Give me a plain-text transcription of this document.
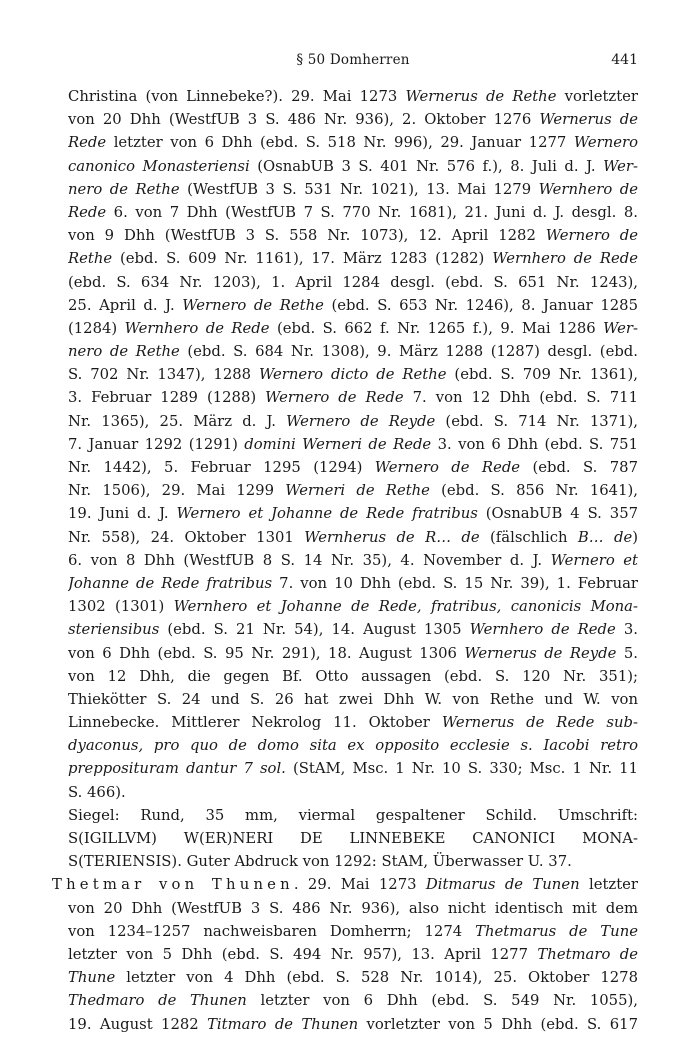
§ 50 Domherren	441
Christina (von Linnebeke?). 29. Mai 1273 Wernerus de Rethe vorletzter
von 20 Dhh (WestfUB 3 S. 486 Nr. 936), 2. Oktober 1276 Wernerus de
Rede letzter von 6 Dhh (ebd. S. 518 Nr. 996), 29. Januar 1277 Wernero
canonico Monasteriensi (OsnabUB 3 S. 401 Nr. 576 f.), 8. Juli d. J. Wer-
nero de Rethe (WestfUB 3 S. 531 Nr. 1021), 13. Mai 1279 Wernhero de
Rede 6. von 7 Dhh (WestfUB 7 S. 770 Nr. 1681), 21. Juni d. J. desgl. 8.
von 9 Dhh (WestfUB 3 S. 558 Nr. 1073), 12. April 1282 Wernero de
Rethe (ebd. S. 609 Nr. 1161), 17. März 1283 (1282) Wernhero de Rede
(ebd. S. 634 Nr. 1203), 1. April 1284 desgl. (ebd. S. 651 Nr. 1243),
25. April d. J. Wernero de Rethe (ebd. S. 653 Nr. 1246), 8. Januar 1285
(1284) Wernhero de Rede (ebd. S. 662 f. Nr. 1265 f.), 9. Mai 1286 Wer-
nero de Rethe (ebd. S. 684 Nr. 1308), 9. März 1288 (1287) desgl. (ebd.
S. 702 Nr. 1347), 1288 Wernero dicto de Rethe (ebd. S. 709 Nr. 1361),
3. Februar 1289 (1288) Wernero de Rede 7. von 12 Dhh (ebd. S. 711
Nr. 1365), 25. März d. J. Wernero de Reyde (ebd. S. 714 Nr. 1371),
7. Januar 1292 (1291) domini Werneri de Rede 3. von 6 Dhh (ebd. S. 751
Nr. 1442), 5. Februar 1295 (1294) Wernero de Rede (ebd. S. 787
Nr. 1506), 29. Mai 1299 Werneri de Rethe (ebd. S. 856 Nr. 1641),
19. Juni d. J. Wernero et Johanne de Rede fratribus (OsnabUB 4 S. 357
Nr. 558), 24. Oktober 1301 Wernherus de R… de (fälschlich B… de)
6. von 8 Dhh (WestfUB 8 S. 14 Nr. 35), 4. November d. J. Wernero et
Johanne de Rede fratribus 7. von 10 Dhh (ebd. S. 15 Nr. 39), 1. Februar
1302 (1301) Wernhero et Johanne de Rede, fratribus, canonicis Mona-
steriensibus (ebd. S. 21 Nr. 54), 14. August 1305 Wernhero de Rede 3.
von 6 Dhh (ebd. S. 95 Nr. 291), 18. August 1306 Wernerus de Reyde 5.
von 12 Dhh, die gegen Bf. Otto aussagen (ebd. S. 120 Nr. 351);
Thiekötter S. 24 und S. 26 hat zwei Dhh W. von Rethe und W. von
Linnebecke. Mittlerer Nekrolog 11. Oktober Wernerus de Rede sub-
dyaconus, pro quo de domo sita ex opposito ecclesie s. Iacobi retro
prepposituram dantur 7 sol. (StAM, Msc. 1 Nr. 10 S. 330; Msc. 1 Nr. 11
S. 466).
Siegel: Rund, 35 mm, viermal gespaltener Schild. Umschrift:
S(IGILLVM) W(ER)NERI DE LINNEBEKE CANONICI MONA-
S(TERIENSIS). Guter Abdruck von 1292: StAM, Überwasser U. 37.
Thetmar von Thunen. 29. Mai 1273 Ditmarus de Tunen letzter
von 20 Dhh (WestfUB 3 S. 486 Nr. 936), also nicht identisch mit dem
von 1234–1257 nachweisbaren Domherrn; 1274 Thetmarus de Tune
letzter von 5 Dhh (ebd. S. 494 Nr. 957), 13. April 1277 Thetmaro de
Thune letzter von 4 Dhh (ebd. S. 528 Nr. 1014), 25. Oktober 1278
Thedmaro de Thunen letzter von 6 Dhh (ebd. S. 549 Nr. 1055),
19. August 1282 Titmaro de Thunen vorletzter von 5 Dhh (ebd. S. 617
